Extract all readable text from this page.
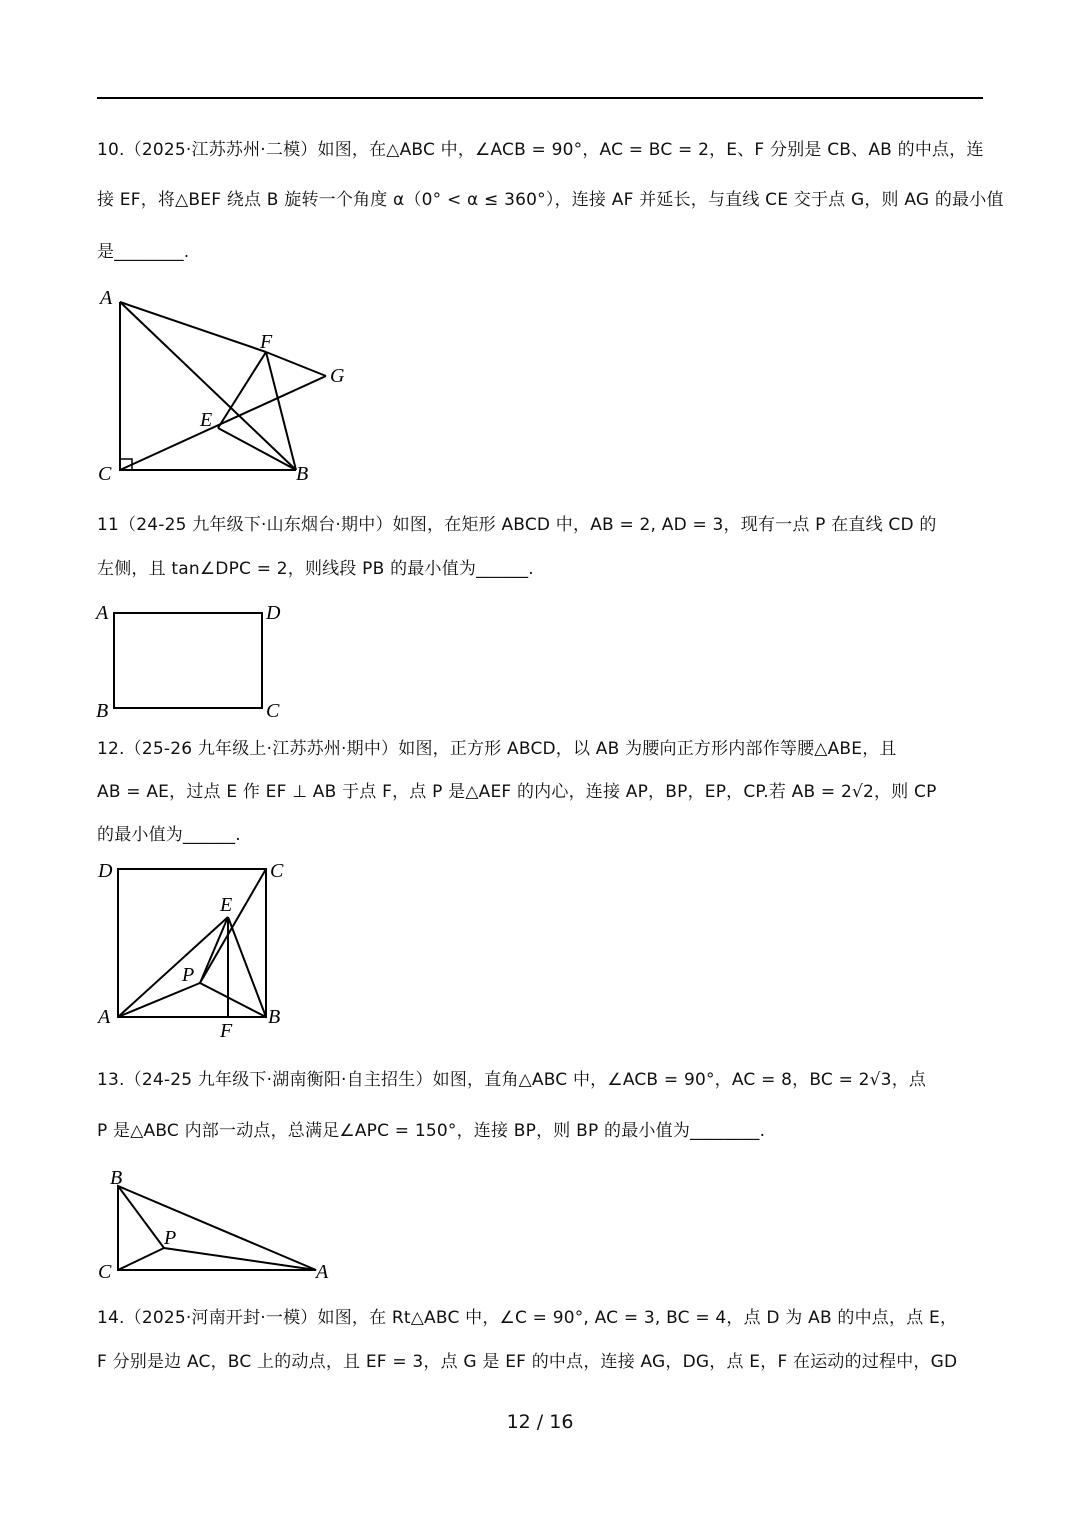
10.（2025·江苏苏州·二模）如图，在△ABC 中，∠ACB = 90°，AC = BC = 2，E、F 分别是 CB、AB 的中点，连
接 EF，将△BEF 绕点 B 旋转一个角度 α（0° < α ≤ 360°），连接 AF 并延长，与直线 CE 交于点 G，则 AG 的最小值
是________.
A
F
G
E
C	B
11（24-25 九年级下·山东烟台·期中）如图，在矩形 ABCD 中，AB = 2, AD = 3，现有一点 P 在直线 CD 的
左侧，且 tan∠DPC = 2，则线段 PB 的最小值为______.
A	D
B	C
12.（25-26 九年级上·江苏苏州·期中）如图，正方形 ABCD，以 AB 为腰向正方形内部作等腰△ABE，且
AB = AE，过点 E 作 EF ⊥ AB 于点 F，点 P 是△AEF 的内心，连接 AP，BP，EP，CP.若 AB = 2√2，则 CP
的最小值为______.
D	C
E
P
A
F
B
13.（24-25 九年级下·湖南衡阳·自主招生）如图，直角△ABC 中，∠ACB = 90°，AC = 8，BC = 2√3，点
P 是△ABC 内部一动点，总满足∠APC = 150°，连接 BP，则 BP 的最小值为________.
B
P
C	A
14.（2025·河南开封·一模）如图，在 Rt△ABC 中，∠C = 90°, AC = 3, BC = 4，点 D 为 AB 的中点，点 E，
F 分别是边 AC，BC 上的动点，且 EF = 3，点 G 是 EF 的中点，连接 AG，DG，点 E，F 在运动的过程中，GD
12 / 16
